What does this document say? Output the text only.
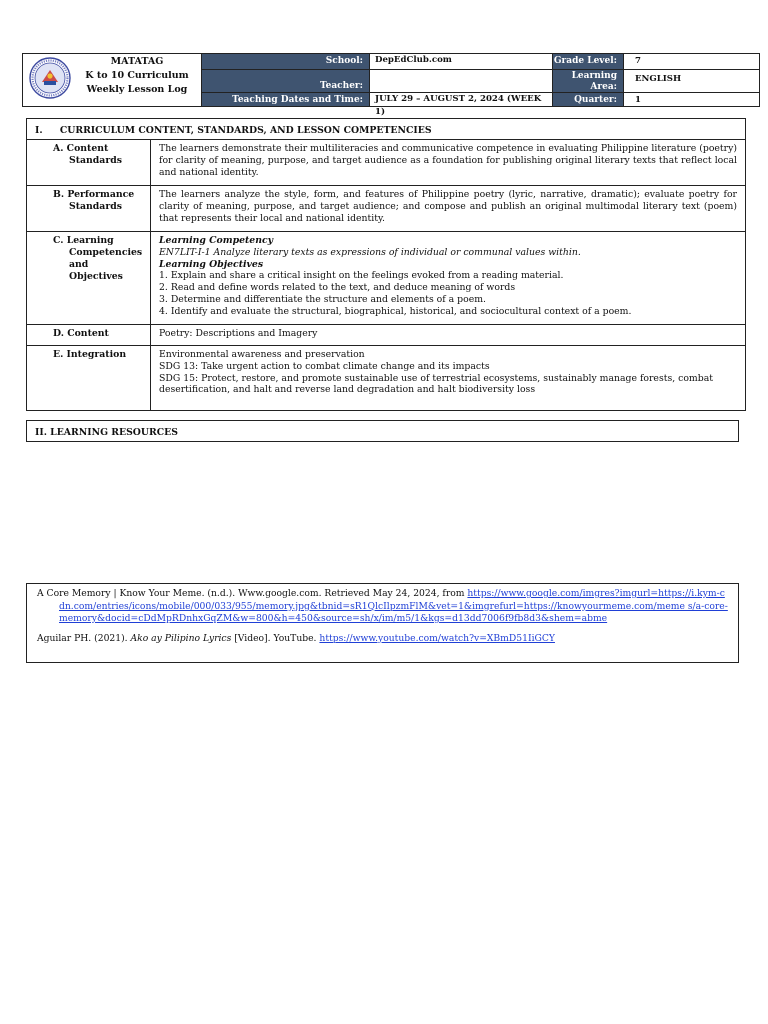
MATATAG
K to 10 Curriculum
Weekly Lesson Log
School:
Teacher:
Teaching Dates and Time:
DepEdClub.com
JULY 29 – AUGUST 2, 2024 (WEEK 1)
Grade Level:
Learning
Area:
Quarter:
7
ENGLISH
1
I. CURRICULUM CONTENT, STANDARDS, AND LESSON COMPETENCIES
A. Content
Standards
The learners demonstrate their multiliteracies and communicative competence in evaluating Philippine literature (poetry) for clarity of meaning, purpose, and target audience as a foundation for publishing original literary texts that reflect local and national identity.
B. Performance
Standards
The learners analyze the style, form, and features of Philippine poetry (lyric, narrative, dramatic); evaluate poetry for clarity of meaning, purpose, and target audience; and compose and publish an original multimodal literary text (poem) that represents their local and national identity.
C. Learning
Competencies
and Objectives
Learning Competency
EN7LIT-I-1 Analyze literary texts as expressions of individual or communal values within.
Learning Objectives
1. Explain and share a critical insight on the feelings evoked from a reading material.
2. Read and define words related to the text, and deduce meaning of words
3. Determine and differentiate the structure and elements of a poem.
4. Identify and evaluate the structural, biographical, historical, and sociocultural context of a poem.
D. Content	Poetry: Descriptions and Imagery
E. Integration	Environmental awareness and preservation
SDG 13: Take urgent action to combat climate change and its impacts
SDG 15: Protect, restore, and promote sustainable use of terrestrial ecosystems, sustainably manage forests, combat desertification, and halt and reverse land degradation and halt biodiversity loss
II. LEARNING RESOURCES

A Core Memory | Know Your Meme. (n.d.). Www.google.com. Retrieved May 24, 2024, from https://www.google.com/imgres?imgurl=https://i.kym-cdn.com/entries/icons/mobile/000/033/955/memory.jpg&tbnid=sR1QlcIlpzmFlM&vet=1&imgrefurl=https://knowyourmeme.com/meme s/a-core-memory&docid=cDdMpRDnhxGqZM&w=800&h=450&source=sh/x/im/m5/1&kgs=d13dd7006f9fb8d3&shem=abme

Aguilar PH. (2021). Ako ay Pilipino Lyrics [Video]. YouTube. https://www.youtube.com/watch?v=XBmD51IiGCY
